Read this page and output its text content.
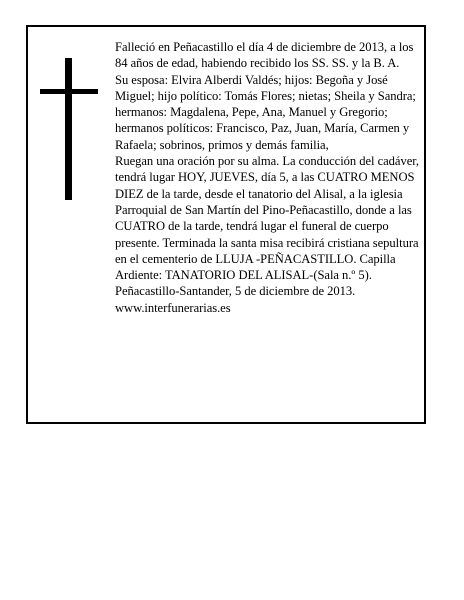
Falleció en Peñacastillo el día 4 de diciembre de 2013, a los 84 años de edad, habiendo recibido los SS. SS. y la B. A.

Su esposa: Elvira Alberdi Valdés; hijos: Begoña y José Miguel; hijo político: Tomás Flores; nietas; Sheila y Sandra; hermanos: Magdalena, Pepe, Ana, Manuel y Gregorio; hermanos políticos: Francisco, Paz, Juan, María, Carmen y Rafaela; sobrinos, primos y demás familia,

Ruegan una oración por su alma. La conducción del cadáver, tendrá lugar HOY, JUEVES, día 5, a las CUATRO MENOS DIEZ de la tarde, desde el tanatorio del Alisal, a la iglesia Parroquial de San Martín del Pino-Peñacastillo, donde a las CUATRO de la tarde, tendrá lugar el funeral de cuerpo presente. Terminada la santa misa recibirá cristiana sepultura en el cementerio de LLUJA -PEÑACASTILLO. Capilla Ardiente: TANATORIO DEL ALISAL-(Sala n.º 5).

Peñacastillo-Santander, 5 de diciembre de 2013.

www.interfunerarias.es
